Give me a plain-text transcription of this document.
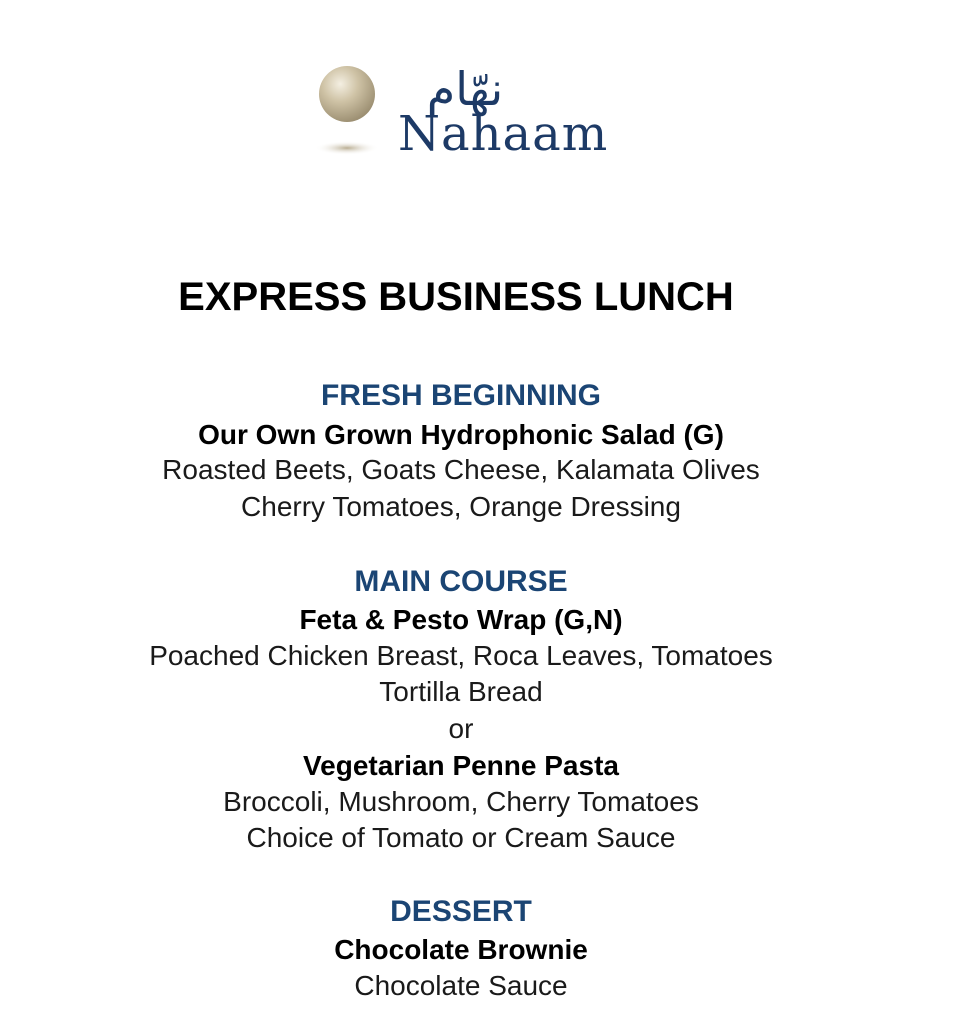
نهّام
Nahaam
EXPRESS BUSINESS LUNCH
FRESH BEGINNING
Our Own Grown Hydrophonic Salad (G)
Roasted Beets, Goats Cheese, Kalamata Olives
Cherry Tomatoes, Orange Dressing
MAIN COURSE
Feta & Pesto Wrap (G,N)
Poached Chicken Breast, Roca Leaves, Tomatoes
Tortilla Bread
or
Vegetarian Penne Pasta
Broccoli, Mushroom, Cherry Tomatoes
Choice of Tomato or Cream Sauce
DESSERT
Chocolate Brownie
Chocolate Sauce
